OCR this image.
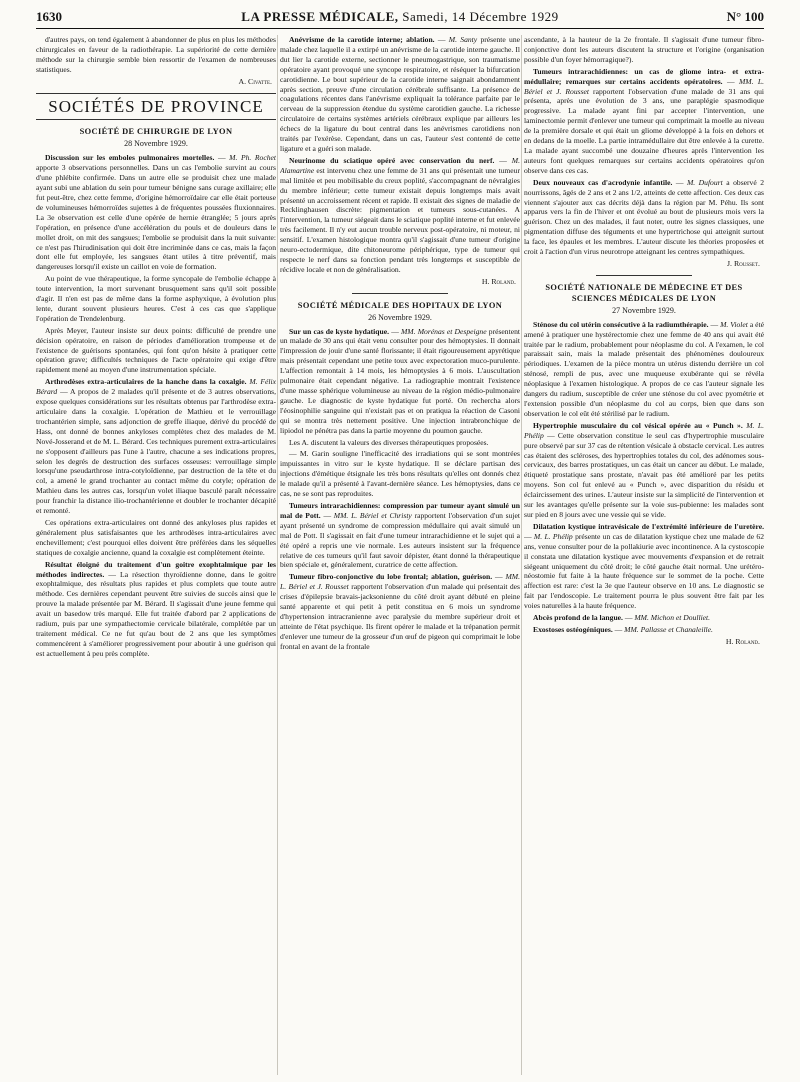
1630	LA PRESSE MÉDICALE, Samedi, 14 Décembre 1929	N° 100

d'autres pays, on tend également à abandonner de plus en plus les méthodes chirurgicales en faveur de la radiothérapie. La supériorité de cette dernière méthode sur la chirurgie semble bien ressortir de l'examen de nombreuses statistiques.

A. Civatte.

SOCIÉTÉS DE PROVINCE
SOCIÉTÉ DE CHIRURGIE DE LYON
28 Novembre 1929.

Discussion sur les emboles pulmonaires mortelles. — M. Ph. Rochet apporte 3 observations personnelles. Dans un cas l'embolie survint au cours d'une phlébite confirmée. Dans un autre elle se produisit chez une malade ayant subi une ablation du sein pour tumeur bénigne sans curage axillaire; elle fut peut-être, chez cette femme, d'origine hémorroïdaire car elle était porteuse de volumineuses hémorroïdes sujettes à de fréquentes poussées fluxionnaires. La 3e observation est celle d'une opérée de hernie étranglée; 5 jours après l'opération, en présence d'une accélération du pouls et de douleurs dans le mollet droit, on mit des sangsues; l'embolie se produisit dans la nuit suivante: ce n'est pas l'hirudinisation qui doit être incriminée dans ce cas, mais la façon dont elle fut employée, les sangsues étant utiles à titre préventif, mais dangereuses lorsqu'il existe un caillot en voie de formation.

Au point de vue thérapeutique, la forme syncopale de l'embolie échappe à toute intervention, la mort survenant brusquement sans qu'il soit possible d'agir. Il n'en est pas de même dans la forme asphyxique, à évolution plus lente, durant souvent plusieurs heures. C'est à ces cas que s'applique l'opération de Trendelenburg.

Après Meyer, l'auteur insiste sur deux points: difficulté de prendre une décision opératoire, en raison de périodes d'amélioration trompeuse et de l'existence de guérisons spontanées, qui font qu'on hésite à pratiquer cette opération grave; difficultés techniques de l'acte opératoire qui exige d'être rapidement mené au moyen d'une instrumentation spéciale.

Arthrodèses extra-articulaires de la hanche dans la coxalgie. M. Félix Bérard — A propos de 2 malades qu'il présente et de 3 autres observations, expose quelques considérations sur les résultats obtenus par l'arthrodèse extra-articulaire dans la coxalgie. L'opération de Mathieu et le verrouillage trochantérien simple, sans adjonction de greffe iliaque, dérivé du procédé de Hass, ont donné de bonnes ankyloses complètes chez des malades de M. Nové-Josserand et de M. L. Bérard. Ces techniques purement extra-articulaires ne s'opposent d'ailleurs pas l'une à l'autre, chacune a ses indications propres, selon les degrés de destruction des surfaces osseuses: verrouillage simple lorsqu'une pseudarthrose intra-cotyloïdienne, par destruction de la tête et du col, a amené le grand trochanter au contact même du cotyle; opération de Mathieu dans les autres cas, lorsqu'un volet iliaque basculé paraît nécessaire pour franchir la distance ilio-trochantérienne et doubler le trochanter décapité et remonté.

Ces opérations extra-articulaires ont donné des ankyloses plus rapides et généralement plus satisfaisantes que les arthrodèses intra-articulaires avec enchevillement; c'est pourquoi elles doivent être préférées dans les séquelles statiques de coxalgie ancienne, quand la coxalgie est complètement éteinte.

Résultat éloigné du traitement d'un goitre exophtalmique par les méthodes indirectes. — La résection thyroïdienne donne, dans le goitre exophtalmique, des résultats plus rapides et plus complets que toute autre méthode. Ces dernières cependant peuvent être suivies de succès ainsi que le prouve la malade présentée par M. Bérard. Il s'agissait d'une jeune femme qui avait un basedow très marqué. Elle fut traitée d'abord par 2 applications de radium, puis par une sympathectomie cervicale bilatérale, complétée par un traitement médical. Ce ne fut qu'au bout de 2 ans que les symptômes commencèrent à s'améliorer progressivement pour aboutir à une guérison qui est actuellement à peu près complète.

Anévrisme de la carotide interne; ablation. — M. Santy présente une malade chez laquelle il a extirpé un anévrisme de la carotide interne gauche. Il dut lier la carotide externe, sectionner le pneumogastrique, son traumatisme opératoire ayant provoqué une syncope respiratoire, et réséquer la bifurcation carotidienne. Le bout supérieur de la carotide interne saignait abondamment après section, preuve d'une circulation cérébrale suffisante. La présence de coagulations récentes dans l'anévrisme expliquait la tolérance parfaite par le cerveau de la suppression étendue du système carotidien gauche. La richesse circulatoire de certains systèmes artériels cérébraux explique par ailleurs les échecs de la ligature du bout central dans les anévrismes carotidiens non traités par l'exérèse. Cependant, dans un cas, l'auteur s'est contenté de cette ligature et a guéri son malade.

Neurinome du sciatique opéré avec conservation du nerf. — M. Alamartine est intervenu chez une femme de 31 ans qui présentait une tumeur mal limitée et peu mobilisable du creux poplité, s'accompagnant de névralgies du membre inférieur; cette tumeur existait depuis longtemps mais avait présenté un accroissement récent et rapide. Il existait des signes de maladie de Recklinghausen discrète: pigmentation et tumeurs sous-cutanées. A l'intervention, la tumeur siégeait dans le sciatique poplité interne et fut enlevée très facilement. Il n'y eut aucun trouble nerveux post-opératoire, ni moteur, ni sensitif. L'examen histologique montra qu'il s'agissait d'une tumeur d'origine neuro-ectodermique, dite chitoneurome périphérique, type de tumeur qui respecte le nerf dans sa fonction pendant très longtemps et susceptible de récidive locale et non de généralisation.

H. Roland.

SOCIÉTÉ MÉDICALE DES HOPITAUX DE LYON
26 Novembre 1929.

Sur un cas de kyste hydatique. — MM. Morénas et Despeigne présentent un malade de 30 ans qui était venu consulter pour des hémoptysies. Il donnait l'impression de jouir d'une santé florissante; il était rigoureusement apyrétique mais présentait cependant une petite toux avec expectoration muco-purulente. L'affection remontait à 14 mois, les hémoptysies à 6 mois. L'auscultation pulmonaire était cependant négative. La radiographie montrait l'existence d'une masse sphérique volumineuse au niveau de la région médio-pulmonaire gauche. Le diagnostic de kyste hydatique fut porté. On rechercha alors l'éosinophilie sanguine qui n'existait pas et on pratiqua la réaction de Casoni qui se montra très nettement positive. Une injection intrabronchique de lipiodol ne pénétra pas dans la partie moyenne du poumon gauche.

Les A. discutent la valeurs des diverses thérapeutiques proposées.

— M. Garin souligne l'inefficacité des irradiations qui se sont montrées impuissantes in vitro sur le kyste hydatique. Il se déclare partisan des injections d'émétique étsignale les très bons résultats qu'elles ont donnés chez le malade qu'il a présenté à l'avant-dernière séance. Les hémoptysies, dans ce cas, ne se sont pas reproduites.

Tumeurs intrarachidiennes: compression par tumeur ayant simulé un mal de Pott. — MM. L. Bériel et Christy rapportent l'observation d'un sujet ayant présenté un syndrome de compression médullaire qui avait simulé un mal de Pott. Il s'agissait en fait d'une tumeur intrarachidienne et le sujet qui a été opéré a repris une vie normale. Les auteurs insistent sur la fréquence relative de ces tumeurs qu'il faut savoir dépister, étant donné la thérapeutique bien spéciale et, généralement, curatrice de cette affection.

Tumeur fibro-conjonctive du lobe frontal; ablation, guérison. — MM. L. Bériel et J. Rousset rapportent l'observation d'un malade qui présentait des crises d'épilepsie bravais-jacksonienne du côté droit ayant débuté en pleine santé apparente et qui petit à petit constitua en 6 mois un syndrome d'hypertension intracranienne avec paralysie du membre supérieur droit et atteinte de l'état psychique. Ils firent opérer le malade et la trépanation permit d'enlever une tumeur de la grosseur d'un œuf de pigeon qui comprimait le lobe frontal en avant de la frontale

ascendante, à la hauteur de la 2e frontale. Il s'agissait d'une tumeur fibro-conjonctive dont les auteurs discutent la structure et l'origine (organisation possible d'un foyer hémorragique?).

Tumeurs intrarachidiennes: un cas de gliome intra- et extra-médullaire; remarques sur certains accidents opératoires. — MM. L. Bériel et J. Rousset rapportent l'observation d'une malade de 31 ans qui présenta, après une évolution de 3 ans, une paraplégie spasmodique progressive. La malade ayant fini par accepter l'intervention, une laminectomie permit d'enlever une tumeur qui comprimait la moelle au niveau de la première dorsale et qui était un gliome développé à la fois en dehors et en dedans de la moelle. La partie intramédullaire dut être enlevée à la curette. La malade ayant succombé une douzaine d'heures après l'intervention les auteurs font quelques remarques sur certains accidents opératoires qu'on observe dans ces cas.

Deux nouveaux cas d'acrodynie infantile. — M. Dufourt a observé 2 nourrissons, âgés de 2 ans et 2 ans 1/2, atteints de cette affection. Ces deux cas viennent s'ajouter aux cas décrits déjà dans la région par M. Péhu. Ils sont apparus vers la fin de l'hiver et ont évolué au bout de plusieurs mois vers la guérison. Chez un des malades, il faut noter, outre les signes classiques, une pigmentation diffuse des téguments et une hypertrichose qui atteignit surtout la face, les épaules et les membres. L'auteur discute les théories proposées et croit à l'action d'un virus neurotrope atteignant les centres sympathiques.

J. Rousset.

SOCIÉTÉ NATIONALE DE MÉDECINE ET DES SCIENCES MÉDICALES DE LYON
27 Novembre 1929.

Sténose du col utérin consécutive à la radiumthérapie. — M. Violet a été amené à pratiquer une hystérectomie chez une femme de 40 ans qui avait été traitée par le radium, probablement pour néoplasme du col. A l'examen, le col paraissait sain, mais la malade présentait des phénomènes douloureux périodiques. L'examen de la pièce montra un utérus distendu derrière un col sténosé, rempli de pus, avec une muqueuse exubérante qui se révéla néoplasique à l'examen histologique. A propos de ce cas l'auteur signale les dangers du radium, susceptible de créer une sténose du col avec pyométrie et l'extension possible d'un néoplasme du col au corps, bien que dans son observation le col eût été stérilisé par le radium.

Hypertrophie musculaire du col vésical opérée au « Punch ». M. L. Phélip — Cette observation constitue le seul cas d'hypertrophie musculaire pure observé par sur 37 cas de rétention vésicale à obstacle cervical. Les autres cas étaient des scléroses, des hypertrophies totales du col, des adénomes sous-cervicaux, des barres prostatiques, un cas était un cancer au début. Le malade, étiqueté prostatique sans prostate, n'avait pas été amélioré par les petits moyens. Son col fut enlevé au « Punch », avec disparition du résidu et éclaircissement des urines. L'auteur insiste sur la simplicité de l'intervention et sur les avantages qu'elle présente sur la voie sus-pubienne: les malades sont sur pied en 8 jours avec une vessie qui se vide.

Dilatation kystique intravésicale de l'extrémité inférieure de l'uretère. — M. L. Phélip présente un cas de dilatation kystique chez une malade de 62 ans, venue consulter pour de la pollakiurie avec incontinence. A la cystoscopie il constata une dilatation kystique avec mouvements d'expansion et de retrait siégeant uniquement du côté droit; le côté gauche était normal. Une urétéro-néostomie fut faite à la haute fréquence sur le sommet de la poche. Cette affection est rare: c'est la 3e que l'auteur observe en 10 ans. Le diagnostic se fait par l'endoscopie. Le traitement pourra le plus souvent être fait par les voies naturelles à la haute fréquence.

Abcès profond de la langue. — MM. Michon et Doulliet.

Exostoses ostéogéniques. — MM. Pallasse et Chanaleille.

H. Roland.
